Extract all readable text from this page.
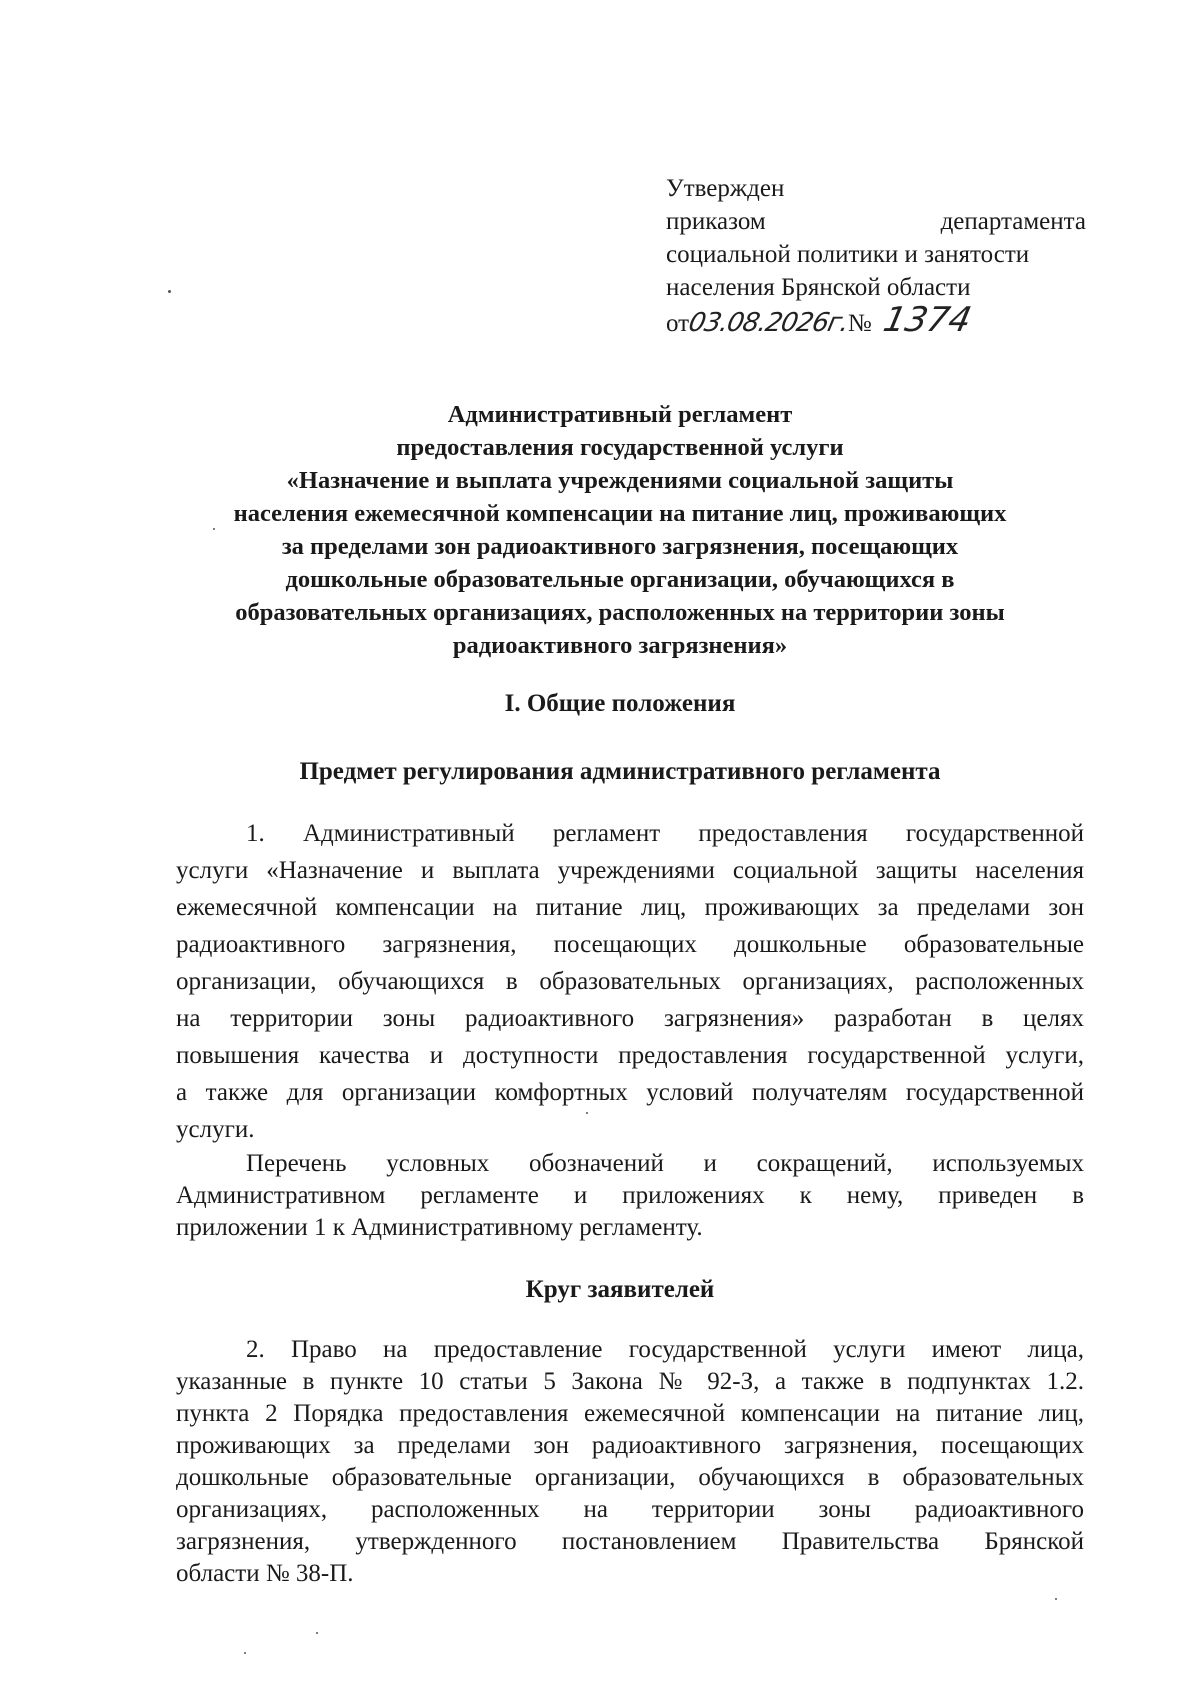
Утвержден
приказом	департамента
социальной политики и занятости
населения Брянской области
от
03.08.2026г.
№ 1374
Административный регламент
предоставления государственной услуги
«Назначение и выплата учреждениями социальной защиты
населения ежемесячной компенсации на питание лиц, проживающих
за пределами зон радиоактивного загрязнения, посещающих
дошкольные образовательные организации, обучающихся в
образовательных организациях, расположенных на территории зоны
радиоактивного загрязнения»
I. Общие положения
Предмет регулирования административного регламента
1. Административный регламент предоставления государственной
услуги «Назначение и выплата учреждениями социальной защиты населения
ежемесячной компенсации на питание лиц, проживающих за пределами зон
радиоактивного загрязнения, посещающих дошкольные образовательные
организации, обучающихся в образовательных организациях, расположенных
на территории зоны радиоактивного загрязнения» разработан в целях
повышения качества и доступности предоставления государственной услуги,
а также для организации комфортных условий получателям государственной
услуги.
Перечень условных обозначений и сокращений, используемых
Административном регламенте и приложениях к нему, приведен в
приложении 1 к Административному регламенту.
Круг заявителей
2. Право на предоставление государственной услуги имеют лица,
указанные в пункте 10 статьи 5 Закона № 92-З, а также в подпунктах 1.2.
пункта 2 Порядка предоставления ежемесячной компенсации на питание лиц,
проживающих за пределами зон радиоактивного загрязнения, посещающих
дошкольные образовательные организации, обучающихся в образовательных
организациях, расположенных на территории зоны радиоактивного
загрязнения, утвержденного постановлением Правительства Брянской
области № 38-П.
